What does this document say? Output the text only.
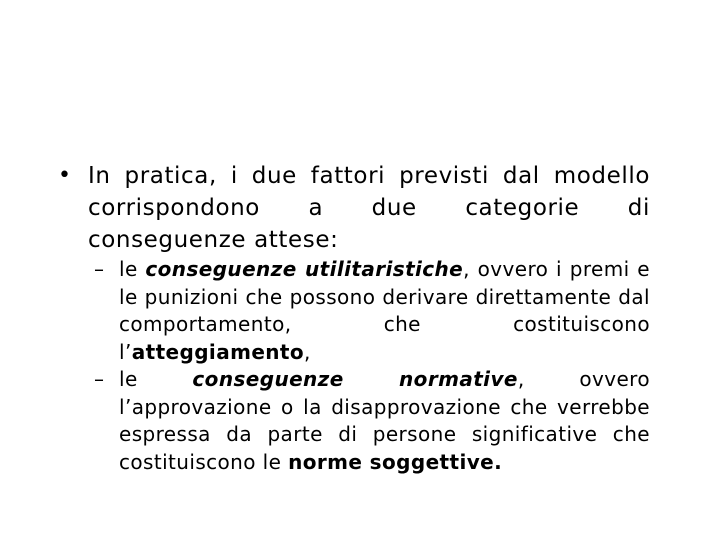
• In pratica, i due fattori previsti dal modello corrispondono a due categorie di conseguenze attese:
– le conseguenze utilitaristiche, ovvero i premi e le punizioni che possono derivare direttamente dal comportamento, che costituiscono l’atteggiamento,
– le conseguenze normative, ovvero l’approvazione o la disapprovazione che verrebbe espressa da parte di persone significative che costituiscono le norme soggettive.
